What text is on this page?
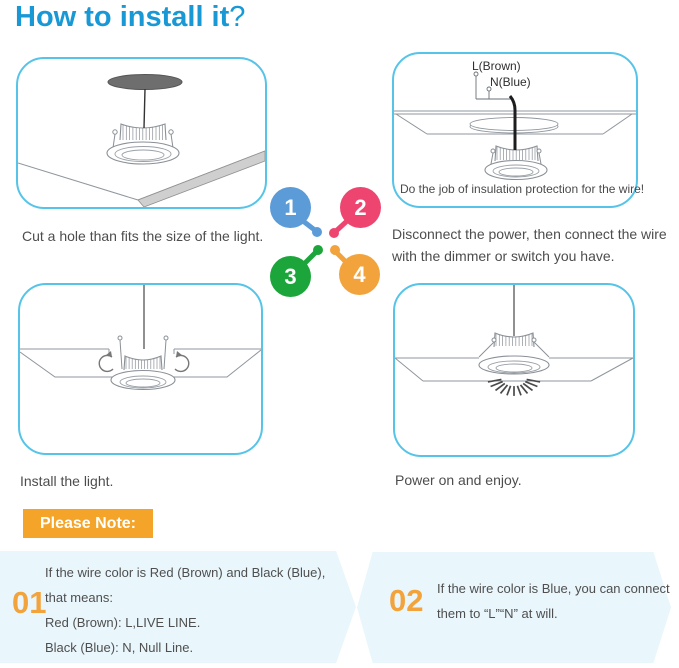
How to install it?
Cut a hole than fits the size of the light.
L(Brown)
N(Blue)
Do the job of insulation protection for the wire!
Disconnect the power, then connect the wire with the dimmer or switch you have.
Install the light.	Power on and enjoy.
1	2
3	4
Please Note:
01
If the wire color is Red (Brown) and Black (Blue),
that means:
Red (Brown): L,LIVE LINE.
Black (Blue): N, Null Line.
02 If the wire color is Blue, you can connect
them to “L”“N” at will.
